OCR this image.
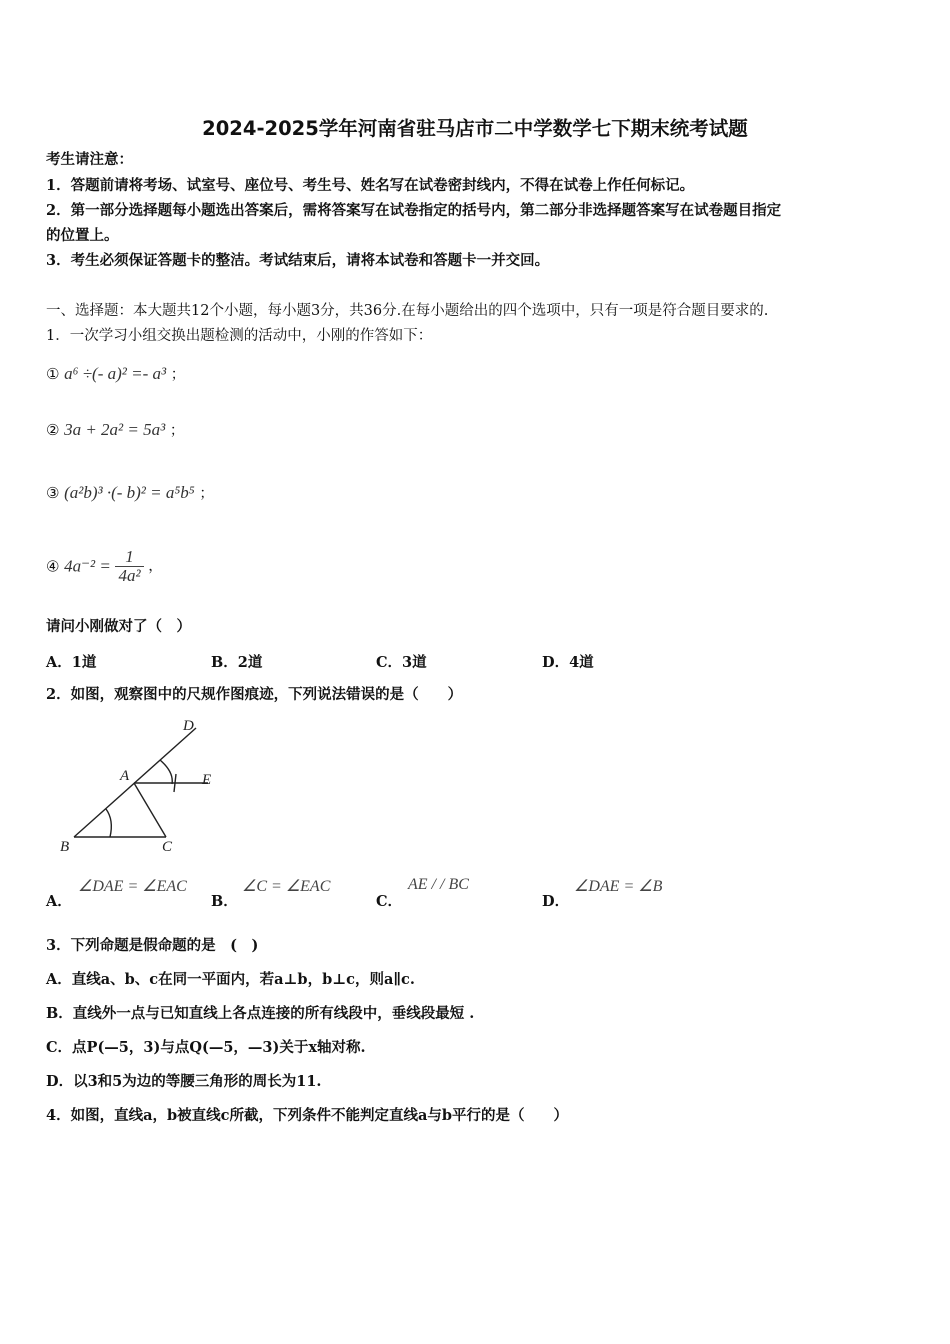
2024-2025学年河南省驻马店市二中学数学七下期末统考试题
考生请注意：
1．答题前请将考场、试室号、座位号、考生号、姓名写在试卷密封线内，不得在试卷上作任何标记。
2．第一部分选择题每小题选出答案后，需将答案写在试卷指定的括号内，第二部分非选择题答案写在试卷题目指定
的位置上。
3．考生必须保证答题卡的整洁。考试结束后，请将本试卷和答题卡一并交回。
一、选择题：本大题共12个小题，每小题3分，共36分.在每小题给出的四个选项中，只有一项是符合题目要求的.
1．一次学习小组交换出题检测的活动中，小刚的作答如下：
① a⁶ ÷(- a)² =- a³ ；
② 3a + 2a² = 5a³ ；
③ (a²b)³ ·(- b)² = a⁵b⁵ ；
④ $4a^{-2} = \frac{1}{\text{4a²}}$ ，
请问小刚做对了（　）
A．1道	B．2道	C．3道	D．4道
2．如图，观察图中的尺规作图痕迹，下列说法错误的是（　　）
D
A	E
B	C
A．
∠DAE = ∠EAC
B．
∠C = ∠EAC
C．
AE / / BC
D．
∠DAE = ∠B
3．下列命题是假命题的是　(　)
A．直线a、b、c在同一平面内，若a⊥b，b⊥c，则a∥c.
B．直线外一点与已知直线上各点连接的所有线段中，垂线段最短 .
C．点P(—5，3)与点Q(—5，—3)关于x轴对称.
D．以3和5为边的等腰三角形的周长为11.
4．如图，直线a，b被直线c所截，下列条件不能判定直线a与b平行的是（　　）
